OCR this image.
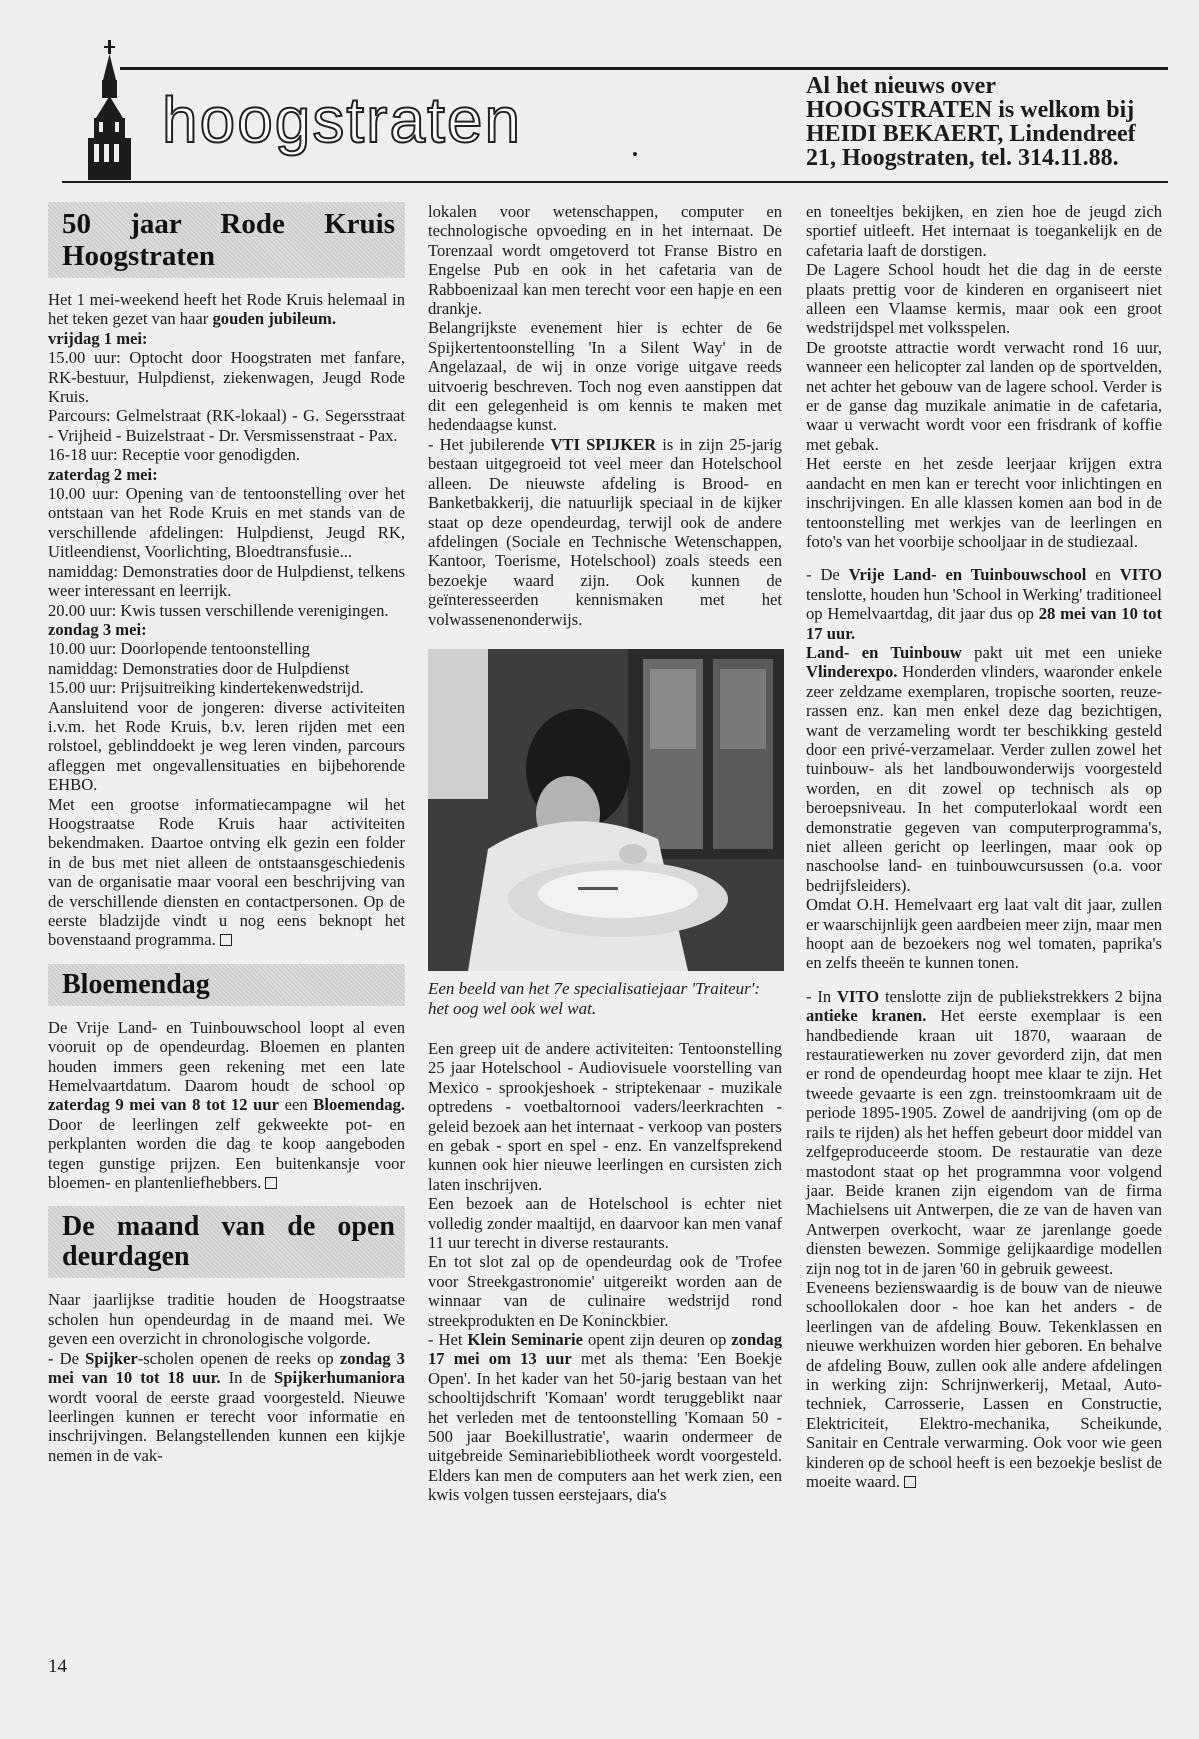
hoogstraten	Al het nieuws over HOOGSTRATEN is welkom bij HEIDI BEKAERT, Lindendreef 21, Hoogstraten, tel. 314.11.88.
50 jaar Rode Kruis Hoogstraten

Het 1 mei-weekend heeft het Rode Kruis helemaal in het teken gezet van haar gouden jubileum.

vrijdag 1 mei:

15.00 uur: Optocht door Hoogstraten met fanfare, RK-bestuur, Hulpdienst, ziekenwagen, Jeugd Rode Kruis.

Parcours: Gelmelstraat (RK-lokaal) - G. Segersstraat - Vrijheid - Buizelstraat - Dr. Versmissenstraat - Pax.

16-18 uur: Receptie voor genodigden.

zaterdag 2 mei:

10.00 uur: Opening van de tentoonstelling over het ontstaan van het Rode Kruis en met stands van de verschillende afdelingen: Hulpdienst, Jeugd RK, Uitleendienst, Voorlichting, Bloedtransfusie...

namiddag: Demonstraties door de Hulpdienst, telkens weer interessant en leerrijk.

20.00 uur: Kwis tussen verschillende verenigingen.

zondag 3 mei:

10.00 uur: Doorlopende tentoonstelling

namiddag: Demonstraties door de Hulpdienst

15.00 uur: Prijsuitreiking kindertekenwedstrijd.

Aansluitend voor de jongeren: diverse activiteiten i.v.m. het Rode Kruis, b.v. leren rijden met een rolstoel, geblinddoekt je weg leren vinden, parcours afleggen met ongevallensituaties en bijbehorende EHBO.

Met een grootse informatiecampagne wil het Hoogstraatse Rode Kruis haar activiteiten bekendmaken. Daartoe ontving elk gezin een folder in de bus met niet alleen de ontstaansgeschiedenis van de organisatie maar vooral een beschrijving van de verschillende diensten en contactpersonen. Op de eerste bladzijde vindt u nog eens beknopt het bovenstaand programma.

Bloemendag

De Vrije Land- en Tuinbouwschool loopt al even vooruit op de opendeurdag. Bloemen en planten houden immers geen rekening met een late Hemelvaartdatum. Daarom houdt de school op zaterdag 9 mei van 8 tot 12 uur een Bloemendag. Door de leerlingen zelf gekweekte pot- en perkplanten worden die dag te koop aangeboden tegen gunstige prijzen. Een buitenkansje voor bloemen- en plantenliefhebbers.

De maand van de open deurdagen

Naar jaarlijkse traditie houden de Hoogstraatse scholen hun opendeurdag in de maand mei. We geven een overzicht in chronologische volgorde.

- De Spijker-scholen openen de reeks op zondag 3 mei van 10 tot 18 uur. In de Spijkerhumaniora wordt vooral de eerste graad voorgesteld. Nieuwe leerlingen kunnen er terecht voor informatie en inschrijvingen. Belangstellenden kunnen een kijkje nemen in de vak-

lokalen voor wetenschappen, computer en technologische opvoeding en in het internaat. De Torenzaal wordt omgetoverd tot Franse Bistro en Engelse Pub en ook in het cafetaria van de Rabboenizaal kan men terecht voor een hapje en een drankje.

Belangrijkste evenement hier is echter de 6e Spijkertentoonstelling 'In a Silent Way' in de Angelazaal, de wij in onze vorige uitgave reeds uitvoerig beschreven. Toch nog even aanstippen dat dit een gelegenheid is om kennis te maken met hedendaagse kunst.

- Het jubilerende VTI SPIJKER is in zijn 25-jarig bestaan uitgegroeid tot veel meer dan Hotelschool alleen. De nieuwste afdeling is Brood- en Banketbakkerij, die natuurlijk speciaal in de kijker staat op deze opendeurdag, terwijl ook de andere afdelingen (Sociale en Technische Wetenschappen, Kantoor, Toerisme, Hotelschool) zoals steeds een bezoekje waard zijn. Ook kunnen de geïnteresseerden kennismaken met het volwassenenonderwijs.

Een beeld van het 7e specialisatiejaar 'Traiteur': het oog wel ook wel wat.

Een greep uit de andere activiteiten: Tentoonstelling 25 jaar Hotelschool - Audiovisuele voorstelling van Mexico - sprookjeshoek - striptekenaar - muzikale optredens - voetbaltornooi vaders/leerkrachten - geleid bezoek aan het internaat - verkoop van posters en gebak - sport en spel - enz. En vanzelfsprekend kunnen ook hier nieuwe leerlingen en cursisten zich laten inschrijven.

Een bezoek aan de Hotelschool is echter niet volledig zonder maaltijd, en daarvoor kan men vanaf 11 uur terecht in diverse restaurants.

En tot slot zal op de opendeurdag ook de 'Trofee voor Streekgastronomie' uitgereikt worden aan de winnaar van de culinaire wedstrijd rond streekprodukten en De Koninckbier.

- Het Klein Seminarie opent zijn deuren op zondag 17 mei om 13 uur met als thema: 'Een Boekje Open'. In het kader van het 50-jarig bestaan van het schooltijdschrift 'Komaan' wordt teruggeblikt naar het verleden met de tentoonstelling 'Komaan 50 - 500 jaar Boekillustratie', waarin ondermeer de uitgebreide Seminariebibliotheek wordt voorgesteld. Elders kan men de computers aan het werk zien, een kwis volgen tussen eerstejaars, dia's

en toneeltjes bekijken, en zien hoe de jeugd zich sportief uitleeft. Het internaat is toegankelijk en de cafetaria laaft de dorstigen.

De Lagere School houdt het die dag in de eerste plaats prettig voor de kinderen en organiseert niet alleen een Vlaamse kermis, maar ook een groot wedstrijdspel met volksspelen.

De grootste attractie wordt verwacht rond 16 uur, wanneer een helicopter zal landen op de sportvelden, net achter het gebouw van de lagere school. Verder is er de ganse dag muzikale animatie in de cafetaria, waar u verwacht wordt voor een frisdrank of koffie met gebak.

Het eerste en het zesde leerjaar krijgen extra aandacht en men kan er terecht voor inlichtingen en inschrijvingen. En alle klassen komen aan bod in de tentoonstelling met werkjes van de leerlingen en foto's van het voorbije schooljaar in de studiezaal.

- De Vrije Land- en Tuinbouwschool en VITO tenslotte, houden hun 'School in Werking' traditioneel op Hemelvaartdag, dit jaar dus op 28 mei van 10 tot 17 uur.

Land- en Tuinbouw pakt uit met een unieke Vlinderexpo. Honderden vlinders, waaronder enkele zeer zeldzame exemplaren, tropische soorten, reuze-rassen enz. kan men enkel deze dag bezichtigen, want de verzameling wordt ter beschikking gesteld door een privé-verzamelaar. Verder zullen zowel het tuinbouw- als het landbouwonderwijs voorgesteld worden, en dit zowel op technisch als op beroepsniveau. In het computerlokaal wordt een demonstratie gegeven van computerprogramma's, niet alleen gericht op leerlingen, maar ook op naschoolse land- en tuinbouwcursussen (o.a. voor bedrijfsleiders).

Omdat O.H. Hemelvaart erg laat valt dit jaar, zullen er waarschijnlijk geen aardbeien meer zijn, maar men hoopt aan de bezoekers nog wel tomaten, paprika's en zelfs theeën te kunnen tonen.

- In VITO tenslotte zijn de publiekstrekkers 2 bijna antieke kranen. Het eerste exemplaar is een handbediende kraan uit 1870, waaraan de restauratiewerken nu zover gevorderd zijn, dat men er rond de opendeurdag hoopt mee klaar te zijn. Het tweede gevaarte is een zgn. treinstoomkraam uit de periode 1895-1905. Zowel de aandrijving (om op de rails te rijden) als het heffen gebeurt door middel van zelfgeproduceerde stoom. De restauratie van deze mastodont staat op het programmna voor volgend jaar. Beide kranen zijn eigendom van de firma Machielsens uit Antwerpen, die ze van de haven van Antwerpen overkocht, waar ze jarenlange goede diensten bewezen. Sommige gelijkaardige modellen zijn nog tot in de jaren '60 in gebruik geweest.

Eveneens bezienswaardig is de bouw van de nieuwe schoollokalen door - hoe kan het anders - de leerlingen van de afdeling Bouw. Tekenklassen en nieuwe werkhuizen worden hier geboren. En behalve de afdeling Bouw, zullen ook alle andere afdelingen in werking zijn: Schrijnwerkerij, Metaal, Auto-techniek, Carrosserie, Lassen en Constructie, Elektriciteit, Elektro-mechanika, Scheikunde, Sanitair en Centrale verwarming. Ook voor wie geen kinderen op de school heeft is een bezoekje beslist de moeite waard.

14
